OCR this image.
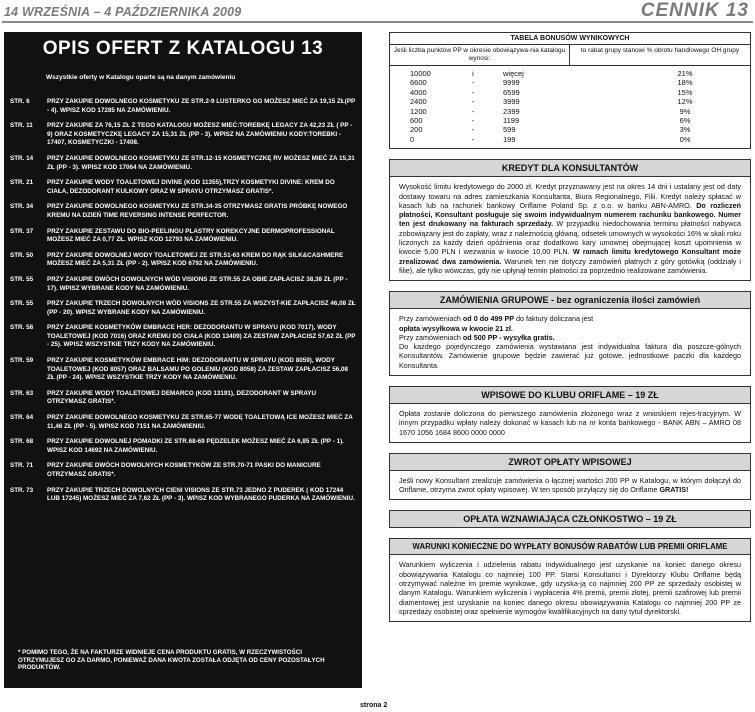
14 WRZEŚNIA – 4 PAŹDZIERNIKA 2009	CENNIK 13
OPIS OFERT Z KATALOGU 13
Wszystkie oferty w Katalogu oparte są na danym zamówieniu
STR. 6	PRZY ZAKUPIE DOWOLNEGO KOSMETYKU ZE STR.2-9 LUSTERKO GG MOŻESZ MIEĆ ZA 19,15 ZŁ(PP - 4). WPISZ KOD 17285 NA ZAMÓWIENIU.
STR. 11	PRZY ZAKUPIE ZA 76,15 ZŁ Z TEGO KATALOGU MOŻESZ MIEĆ:TOREBKĘ LEGACY ZA 42,23 ZŁ ( PP - 9) ORAZ KOSMETYCZKĘ LEGACY ZA 15,31 ZŁ (PP - 3). WPISZ NA ZAMÓWIENIU KODY:TOREBKI - 17407, KOSMETYCZKI - 17408.
STR. 14	PRZY ZAKUPIE DOWOLNEGO KOSMETYKU ZE STR.12-15 KOSMETYCZKĘ RV MOŻESZ MIEĆ ZA 15,31 ZŁ (PP - 3). WPISZ KOD 17064 NA ZAMÓWIENIU.
STR. 21	PRZY ZAKUPIE WODY TOALETOWEJ DIVINE (KOD 11355),TRZY KOSMETYKI DIVINE: KREM DO CIAŁA, DEZODORANT KULKOWY ORAZ W SPRAYU OTRZYMASZ GRATIS*.
STR. 34	PRZY ZAKUPIE DOWOLNEGO KOSMETYKU ZE STR.34-35 OTRZYMASZ GRATIS PRÓBKĘ NOWEGO KREMU NA DZIEŃ TIME REVERSING INTENSE PERFECTOR.
STR. 37	PRZY ZAKUPIE ZESTAWU DO BIO-PEELINGU PLASTRY KOREKCYJNE DERMOPROFESSIONAL MOŻESZ MIEĆ ZA 0,77 ZŁ. WPISZ KOD 12793 NA ZAMÓWIENIU.
STR. 50	PRZY ZAKUPIE DOWOLNEJ WODY TOALETOWEJ ZE STR.51-63 KREM DO RĄK SILK&CASHMERE MOŻESZ MIEĆ ZA 5,31 ZŁ (PP - 2). WPISZ KOD 6792 NA ZAMÓWIENIU.
STR. 55	PRZY ZAKUPIE DWÓCH DOWOLNYCH WÓD VISIONS ZE STR.55 ZA OBIE ZAPŁACISZ 38,38 ZŁ (PP - 17). WPISZ WYBRANE KODY NA ZAMÓWIENIU.
STR. 55	PRZY ZAKUPIE TRZECH DOWOLNYCH WÓD VISIONS ZE STR.55 ZA WSZYST-KIE ZAPŁACISZ 46,08 ZŁ (PP - 20). WPISZ WYBRANE KODY NA ZAMÓWIENIU.
STR. 58	PRZY ZAKUPIE KOSMETYKÓW EMBRACE HER: DEZODORANTU W SPRAYU (KOD 7017), WODY TOALETOWEJ (KOD 7016) ORAZ KREMU DO CIAŁA (KOD 13409) ZA ZESTAW ZAPŁACISZ 57,62 ZŁ (PP - 25). WPISZ WSZYSTKIE TRZY KODY NA ZAMÓWIENIU.
STR. 59	PRZY ZAKUPIE KOSMETYKÓW EMBRACE HIM: DEZODORANTU W SPRAYU (KOD 8059), WODY TOALETOWEJ (KOD 8057) ORAZ BALSAMU PO GOLENIU (KOD 8058) ZA ZESTAW ZAPŁACISZ 56,08 ZŁ (PP - 24). WPISZ WSZYSTKIE TRZY KODY NA ZAMÓWIENIU.
STR. 63	PRZY ZAKUPIE WODY TOALETOWEJ DEMARCO (KOD 13191), DEZODORANT W SPRAYU OTRZYMASZ GRATIS*.
STR. 64	PRZY ZAKUPIE DOWOLNEGO KOSMETYKU ZE STR.65-77 WODĘ TOALETOWĄ ICE MOŻESZ MIEĆ ZA 11,46 ZŁ (PP - 5). WPISZ KOD 7151 NA ZAMÓWIENIU.
STR. 68	PRZY ZAKUPIE DOWOLNEJ POMADKI ZE STR.68-69 PĘDZELEK MOŻESZ MIEĆ ZA 6,85 ZŁ (PP - 1). WPISZ KOD 14692 NA ZAMÓWIENIU.
STR. 71	PRZY ZAKUPIE DWÓCH DOWOLNYCH KOSMETYKÓW ZE STR.70-71 PASKI DO MANICURE OTRZYMASZ GRATIS*.
STR. 73	PRZY ZAKUPIE TRZECH DOWOLNYCH CIENI VISIONS ZE STR.73 JEDNO Z PUDEREK ( KOD 17244 LUB 17245) MOŻESZ MIEĆ ZA 7,62 ZŁ (PP - 3). WPISZ KOD WYBRANEGO PUDERKA NA ZAMÓWIENIU.
* POMIMO TEGO, ŻE NA FAKTURZE WIDNIEJE CENA PRODUKTU GRATIS, W RZECZYWISTOŚCI OTRZYMUJESZ GO ZA DARMO, PONIEWAŻ DANA KWOTA ZOSTAŁA ODJĘTA OD CENY POZOSTAŁYCH PRODUKTÓW.
TABELA BONUSÓW WYNIKOWYCH
Jeśli liczba punktów PP w okresie obowiązywa-nia katalogu wynosi:
to rabat grupy stanowi % obrotu handlowego OH grupy
10000	i	więcej	21%
6600	-	9999	18%
4000	-	6599	15%
2400	-	3999	12%
1200	-	2399	9%
600	-	1199	6%
200	-	599	3%
0	-	199	0%
KREDYT DLA KONSULTANTÓW
Wysokość limitu kredytowego do 2000 zł. Kredyt przyznawany jest na okres 14 dni i ustalany jest od daty dostawy towaru na adres zamieszkania Konsultanta, Biura Regionalnego, Filii. Kredyt należy spłacać w kasach lub na rachunek bankowy Oriflame Poland Sp. z o.o. w banku ABN-AMRO. Do rozliczeń płatności, Konsultant posługuje się swoim indywidualnym numerem rachunku bankowego. Numer ten jest drukowany na fakturach sprzedaży. W przypadku niedochowania terminu płatności nabywca zobowiązany jest do zapłaty, wraz z należnością główną, odsetek umownych w wysokości 16% w skali roku liczonych za każdy dzień opóźnienia oraz dodatkowo kary umownej obejmującej koszt upomnienia w kwocie 5,00 PLN i wezwania w kwocie 10,00 PLN. W ramach limitu kredytowego Konsultant może zrealizować dwa zamówienia. Warunek ten nie dotyczy zamówień płatnych z góry gotówką (oddziały i filie), ale tylko wówczas, gdy nie upłynął termin płatności za poprzednio realizowane zamówienia.
ZAMÓWIENIA GRUPOWE - bez ograniczenia ilości zamówień
Przy zamówieniach od 0 do 499 PP do faktury doliczana jest
opłata wysyłkowa w kwocie 21 zł.
Przy zamówieniach od 500 PP - wysyłka gratis.
Do każdego pojedynczego zamówienia wystawiana jest indywidualna faktura dla poszcze-gólnych Konsultantów. Zamówienie grupowe będzie zawierać już gotowe, jednostkowe paczki dla każdego Konsultanta.
WPISOWE DO KLUBU ORIFLAME – 19 ZŁ
Opłata zostanie doliczona do pierwszego zamówienia złożonego wraz z wnioskiem rejes-tracyjnym. W innym przypadku wpłaty należy dokonać w kasach lub na nr konta bankowego - BANK ABN – AMRO 08 1670 1056 1684 8600 0000 0000
ZWROT OPŁATY WPISOWEJ
Jeśli nowy Konsultant zrealizuje zamówienia o łącznej wartości 200 PP w Katalogu, w którym dołączył do Oriflame, otrzyma zwrot opłaty wpisowej. W ten sposób przyłączy się do Oriflame GRATIS!
OPŁATA WZNAWIAJĄCA CZŁONKOSTWO – 19 ZŁ
WARUNKI KONIECZNE DO WYPŁATY BONUSÓW RABATÓW LUB PREMII ORIFLAME
Warunkiem wyliczenia i udzielenia rabatu indywidualnego jest uzyskanie na koniec danego okresu obowiązywania Katalogu co najmniej 100 PP. Starsi Konsultanci i Dyrektorzy Klubu Oriflame będą otrzymywać należne im premie wynikowe, gdy uzyska-ją co najmniej 200 PP ze sprzedaży osobistej w danym Katalogu. Warunkiem wyliczenia i wypłacenia 4% premii, premii złotej, premii szafirowej lub premii diamentowej jest uzyskanie na koniec danego okresu obowiązywania Katalogu co najmniej 200 PP ze sprzedaży osobistej oraz spełnienie wymogów kwalifikacyjnych na dany tytuł dyrektorski.
strona 2
